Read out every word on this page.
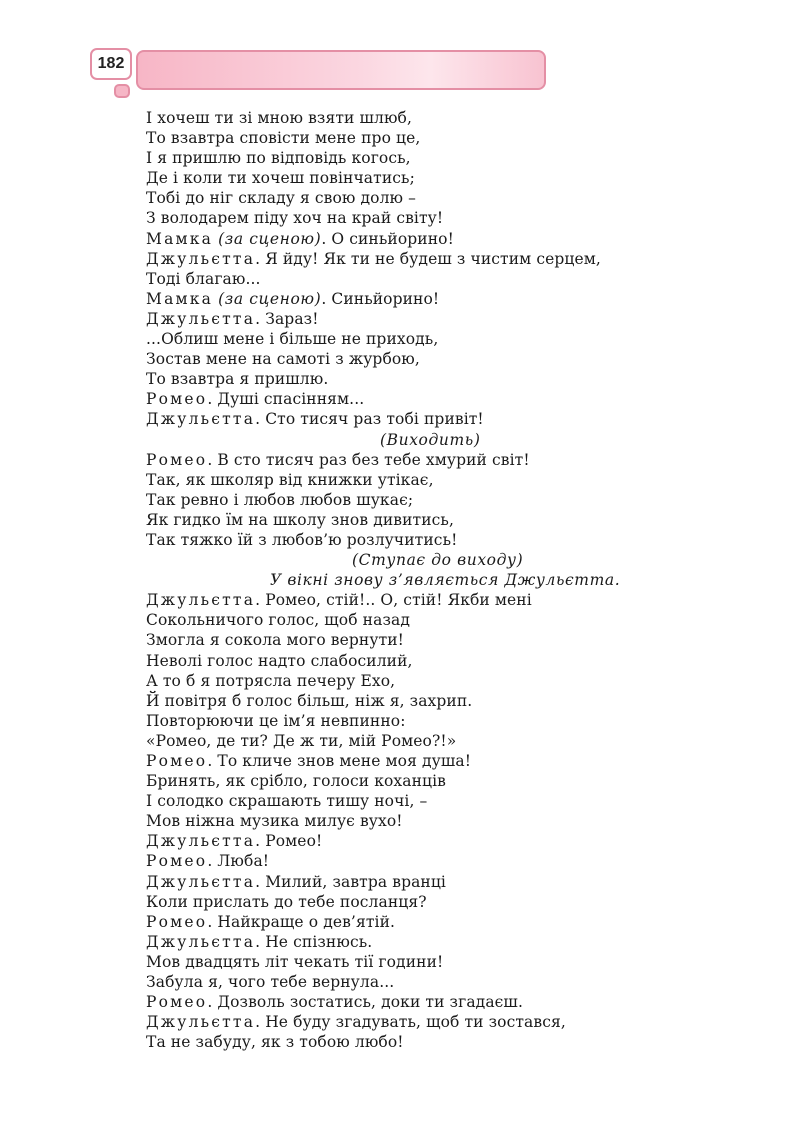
182
І хочеш ти зі мною взяти шлюб,
То взавтра сповісти мене про це,
І я пришлю по відповідь когось,
Де і коли ти хочеш повінчатись;
Тобі до ніг складу я свою долю –
З володарем піду хоч на край світу!
Мамка (за сценою). О синьйорино!
Джульєтта. Я йду! Як ти не будеш з чистим серцем,
Тоді благаю...
Мамка (за сценою). Синьйорино!
Джульєтта. Зараз!
...Облиш мене і більше не приходь,
Зостав мене на самоті з журбою,
То взавтра я пришлю.
Ромео. Душі спасінням...
Джульєтта. Сто тисяч раз тобі привіт!
(Виходить)
Ромео. В сто тисяч раз без тебе хмурий світ!
Так, як школяр від книжки утікає,
Так ревно і любов любов шукає;
Як гидко їм на школу знов дивитись,
Так тяжко їй з любов’ю розлучитись!
(Ступає до виходу)
У вікні знову з’являється Джульєтта.
Джульєтта. Ромео, стій!.. О, стій! Якби мені
Сокольничого голос, щоб назад
Змогла я сокола мого вернути!
Неволі голос надто слабосилий,
А то б я потрясла печеру Ехо,
Й повітря б голос більш, ніж я, захрип.
Повторюючи це ім’я невпинно:
«Ромео, де ти? Де ж ти, мій Ромео?!»
Ромео. То кличе знов мене моя душа!
Бринять, як срібло, голоси коханців
І солодко скрашають тишу ночі, –
Мов ніжна музика милує вухо!
Джульєтта. Ромео!
Ромео. Люба!
Джульєтта. Милий, завтра вранці
Коли прислать до тебе посланця?
Ромео. Найкраще о дев’ятій.
Джульєтта. Не спізнюсь.
Мов двадцять літ чекать тії години!
Забула я, чого тебе вернула...
Ромео. Дозволь зостатись, доки ти згадаєш.
Джульєтта. Не буду згадувать, щоб ти зостався,
Та не забуду, як з тобою любо!
